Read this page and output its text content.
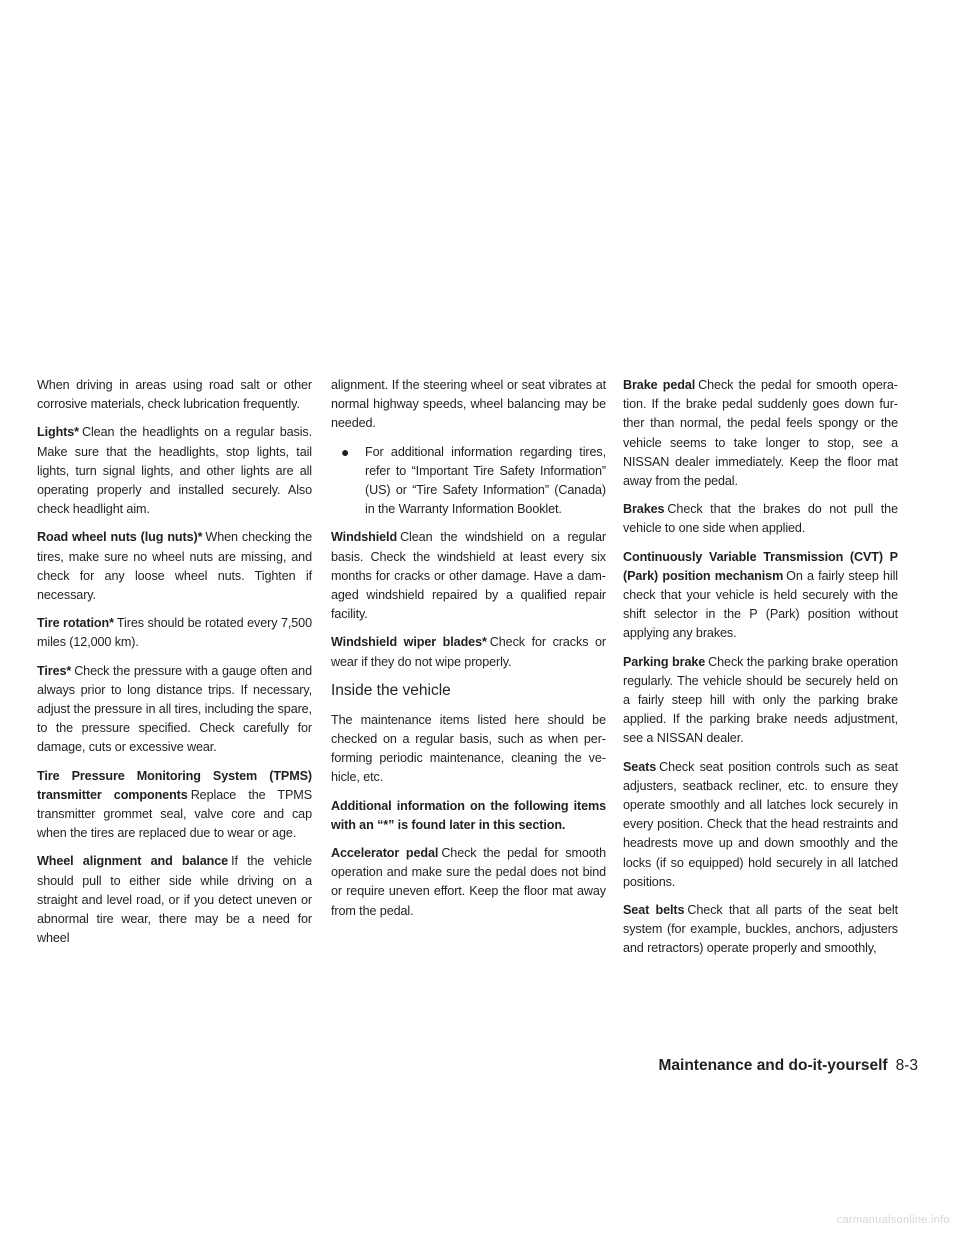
When driving in areas using road salt or other corrosive materials, check lubrication frequently.

Lights* Clean the headlights on a regular basis. Make sure that the headlights, stop lights, tail lights, turn signal lights, and other lights are all operating properly and installed securely. Also check headlight aim.

Road wheel nuts (lug nuts)* When checking the tires, make sure no wheel nuts are missing, and check for any loose wheel nuts. Tighten if necessary.

Tire rotation* Tires should be rotated every 7,500 miles (12,000 km).

Tires* Check the pressure with a gauge often and always prior to long distance trips. If necessary, adjust the pressure in all tires, including the spare, to the pressure specified. Check carefully for damage, cuts or excessive wear.

Tire Pressure Monitoring System (TPMS) transmitter components Replace the TPMS transmitter grommet seal, valve core and cap when the tires are replaced due to wear or age.

Wheel alignment and balance If the vehicle should pull to either side while driving on a straight and level road, or if you detect uneven or abnormal tire wear, there may be a need for wheel

alignment. If the steering wheel or seat vibrates at normal highway speeds, wheel balancing may be needed.

● For additional information regarding tires, refer to “Important Tire Safety Information” (US) or “Tire Safety Information” (Canada) in the Warranty Information Booklet.

Windshield Clean the windshield on a regular basis. Check the windshield at least every six months for cracks or other damage. Have a damaged windshield repaired by a qualified repair facility.

Windshield wiper blades* Check for cracks or wear if they do not wipe properly.

Inside the vehicle

The maintenance items listed here should be checked on a regular basis, such as when performing periodic maintenance, cleaning the vehicle, etc.

Additional information on the following items with an “*” is found later in this section.

Accelerator pedal Check the pedal for smooth operation and make sure the pedal does not bind or require uneven effort. Keep the floor mat away from the pedal.

Brake pedal Check the pedal for smooth operation. If the brake pedal suddenly goes down further than normal, the pedal feels spongy or the vehicle seems to take longer to stop, see a NISSAN dealer immediately. Keep the floor mat away from the pedal.

Brakes Check that the brakes do not pull the vehicle to one side when applied.

Continuously Variable Transmission (CVT) P (Park) position mechanism On a fairly steep hill check that your vehicle is held securely with the shift selector in the P (Park) position without applying any brakes.

Parking brake Check the parking brake operation regularly. The vehicle should be securely held on a fairly steep hill with only the parking brake applied. If the parking brake needs adjustment, see a NISSAN dealer.

Seats Check seat position controls such as seat adjusters, seatback recliner, etc. to ensure they operate smoothly and all latches lock securely in every position. Check that the head restraints and headrests move up and down smoothly and the locks (if so equipped) hold securely in all latched positions.

Seat belts Check that all parts of the seat belt system (for example, buckles, anchors, adjusters and retractors) operate properly and smoothly,

Maintenance and do-it-yourself 8-3
carmanualsonline.info
